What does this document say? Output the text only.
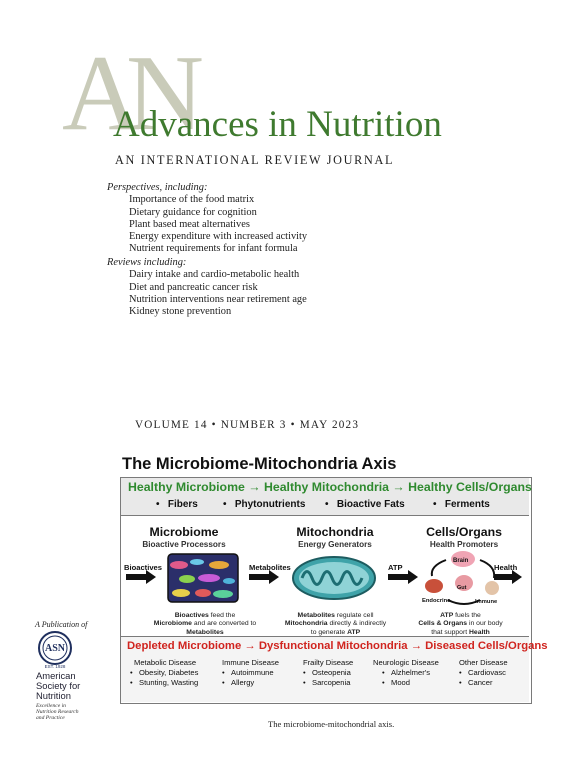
AN
Advances in Nutrition
AN INTERNATIONAL REVIEW JOURNAL
Perspectives, including:
Importance of the food matrix
Dietary guidance for cognition
Plant based meat alternatives
Energy expenditure with increased activity
Nutrient requirements for infant formula
Reviews including:
Dairy intake and cardio-metabolic health
Diet and pancreatic cancer risk
Nutrition interventions near retirement age
Kidney stone prevention
VOLUME 14 • NUMBER 3 • MAY 2023
The Microbiome-Mitochondria Axis
Healthy Microbiome → Healthy Mitochondria → Healthy Cells/Organs
•   Fibers	•   Phytonutrients •   Bioactive Fats	•   Ferments
Microbiome
Bioactive Processors
Mitochondria
Energy Generators
Cells/Organs
Health Promoters
Bioactives	Metabolites	ATP	Health
Brain
Gut
Endocrine	Immune
Bioactives feed the
Microbiome and are converted to
Metabolites
Metabolites regulate cell
Mitochondria directly & indirectly
to generate ATP
ATP fuels the
Cells & Organs in our body
that support Health
Depleted Microbiome → Dysfunctional Mitochondria → Diseased Cells/Organs
Metabolic Disease
•   Obesity, Diabetes
•   Stunting, Wasting
Immune Disease
•   Autoimmune
•   Allergy
Frailty Disease
•   Osteopenia
•   Sarcopenia
Neurologic Disease
•   Alzhelmer's
•   Mood
Other Disease
•   Cardiovasc
•   Cancer
The microbiome-mitochondrial axis.
A Publication of
ASN
EST. 1928
American
Society for
Nutrition
Excellence in
Nutrition Research
and Practice
